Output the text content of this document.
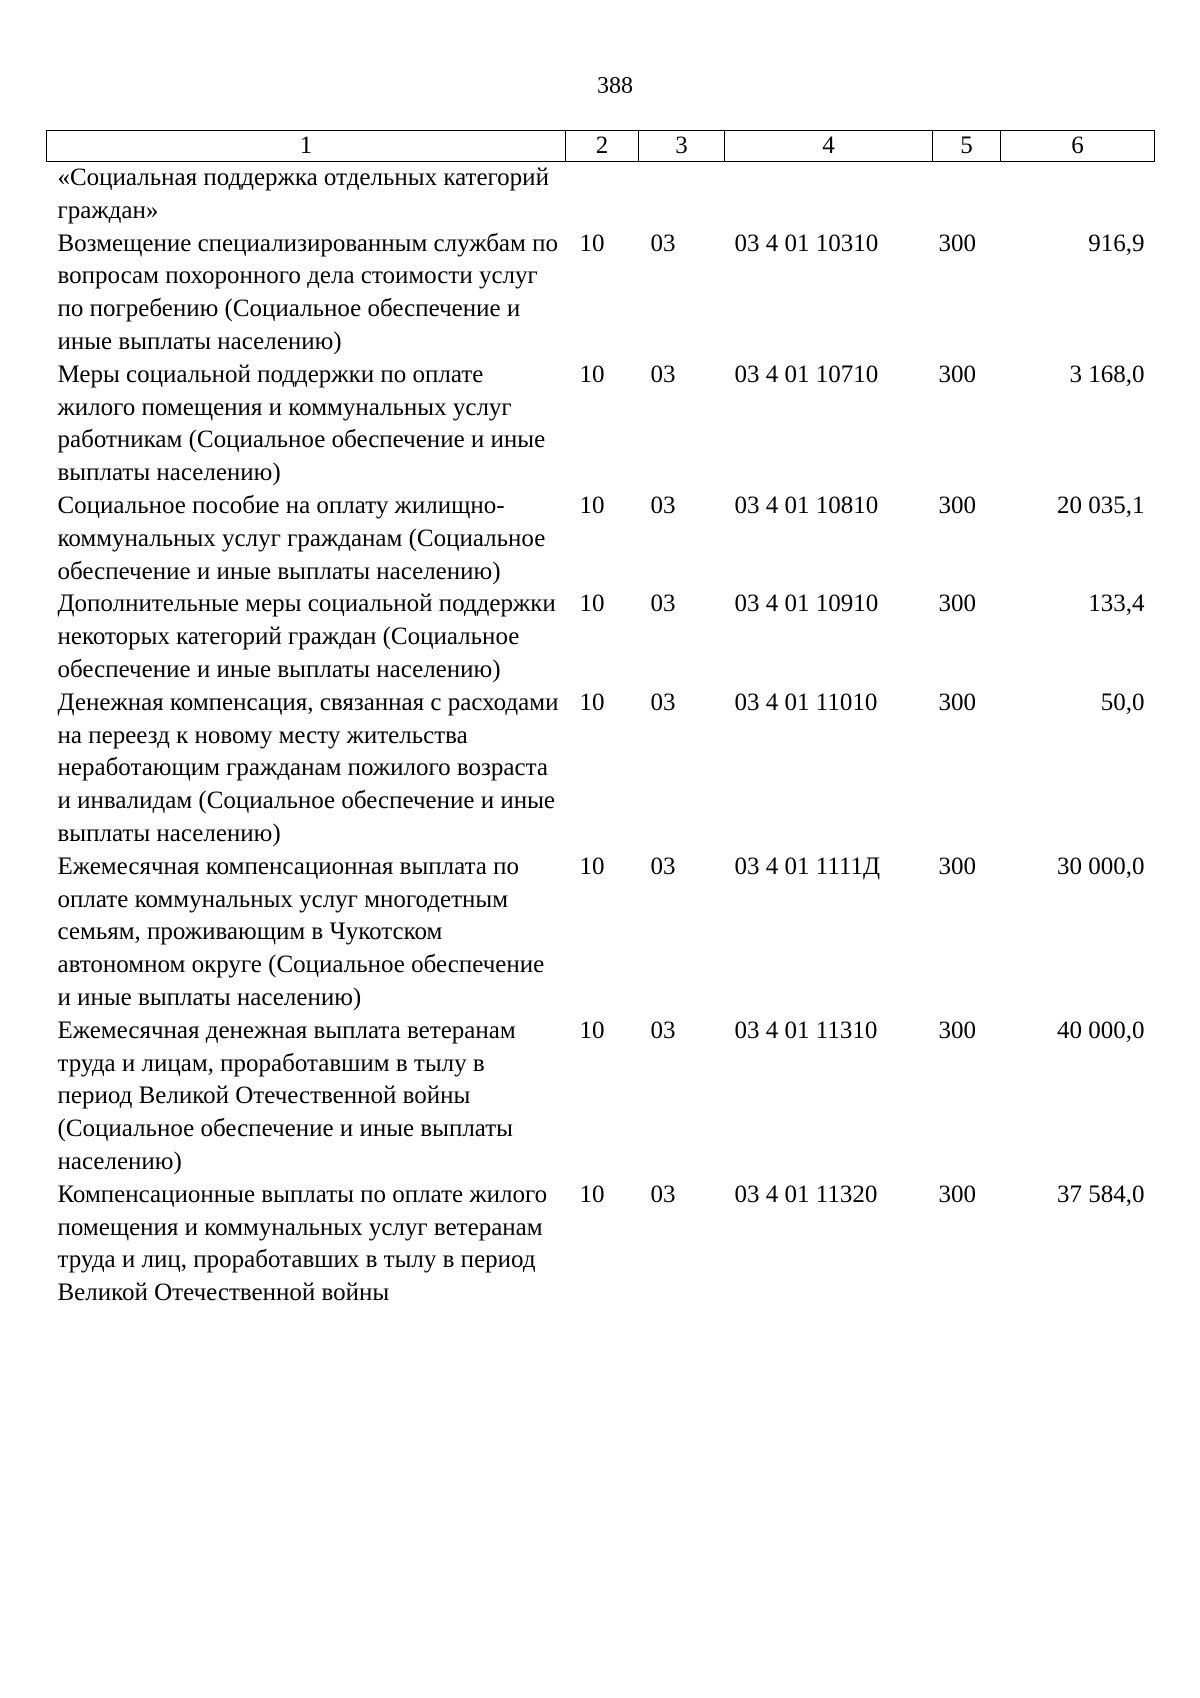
388
1	2	3	4	5	6
«Социальная поддержка отдельных категорий граждан»					
Возмещение специализированным службам по вопросам похоронного дела стоимости услуг по погребению (Социальное обеспечение и иные выплаты населению)	10	03	03 4 01 10310	300	916,9
Меры социальной поддержки по оплате жилого помещения и коммунальных услуг работникам (Социальное обеспечение и иные выплаты населению)	10	03	03 4 01 10710	300	3 168,0
Социальное пособие на оплату жилищно-коммунальных услуг гражданам (Социальное обеспечение и иные выплаты населению)	10	03	03 4 01 10810	300	20 035,1
Дополнительные меры социальной поддержки некоторых категорий граждан (Социальное обеспечение и иные выплаты населению)	10	03	03 4 01 10910	300	133,4
Денежная компенсация, связанная с расходами на переезд к новому месту жительства неработающим гражданам пожилого возраста и инвалидам (Социальное обеспечение и иные выплаты населению)	10	03	03 4 01 11010	300	50,0
Ежемесячная компенсационная выплата по оплате коммунальных услуг многодетным семьям, проживающим в Чукотском автономном округе (Социальное обеспечение и иные выплаты населению)	10	03	03 4 01 1111Д	300	30 000,0
Ежемесячная денежная выплата ветеранам труда и лицам, проработавшим в тылу в период Великой Отечественной войны (Социальное обеспечение и иные выплаты населению)	10	03	03 4 01 11310	300	40 000,0
Компенсационные выплаты по оплате жилого помещения и коммунальных услуг ветеранам труда и лиц, проработавших в тылу в период Великой Отечественной войны	10	03	03 4 01 11320	300	37 584,0
